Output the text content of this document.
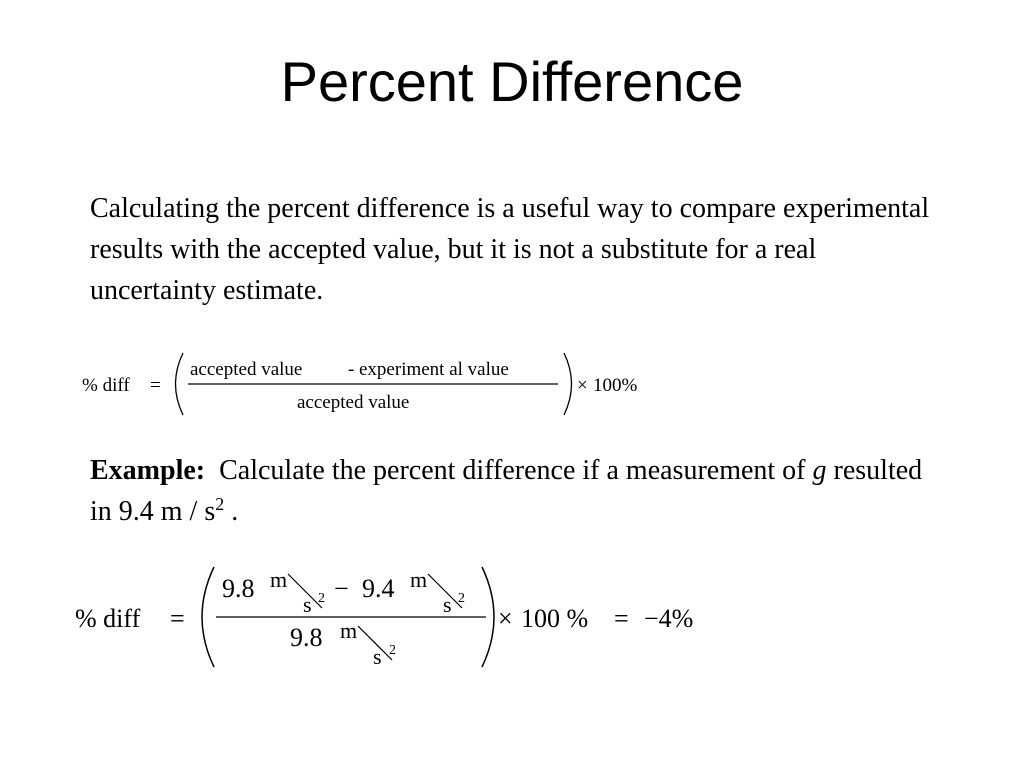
Percent Difference
Calculating the percent difference is a useful way to compare experimental results with the accepted value, but it is not a substitute for a real uncertainty estimate.
Example: Calculate the percent difference if a measurement of g resulted in 9.4 m / $s^2$ .
% diff =
accepted value - experiment al value
accepted value
× 100%
% diff =
9.8 m
s 2 − 9.4 m
s 2
9.8 m
s 2
× 100 % = −4%
